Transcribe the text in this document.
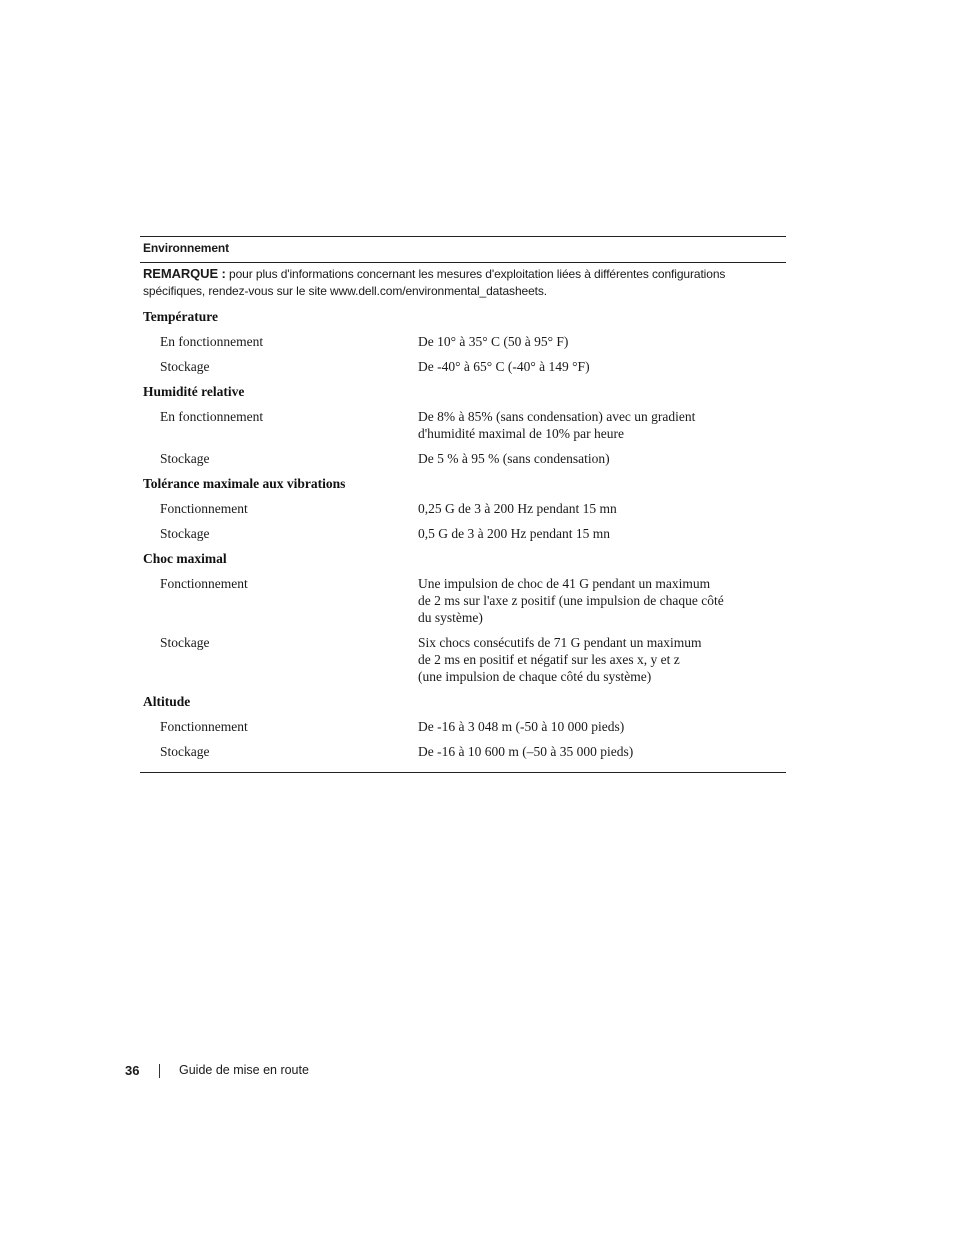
Environnement
REMARQUE : pour plus d'informations concernant les mesures d'exploitation liées à différentes configurations spécifiques, rendez-vous sur le site www.dell.com/environmental_datasheets.
Température
En fonctionnement	De 10° à 35° C (50 à 95° F)
Stockage	De -40° à 65° C (-40° à 149 °F)
Humidité relative
En fonctionnement	De 8% à 85% (sans condensation) avec un gradient
d'humidité maximal de 10% par heure
Stockage	De 5 % à 95 % (sans condensation)
Tolérance maximale aux vibrations
Fonctionnement	0,25 G de 3 à 200 Hz pendant 15 mn
Stockage	0,5 G de 3 à 200 Hz pendant 15 mn
Choc maximal
Fonctionnement	Une impulsion de choc de 41 G pendant un maximum
de 2 ms sur l'axe z positif (une impulsion de chaque côté
du système)
Stockage	Six chocs consécutifs de 71 G pendant un maximum
de 2 ms en positif et négatif sur les axes x, y et z
(une impulsion de chaque côté du système)
Altitude
Fonctionnement	De -16 à 3 048 m (-50 à 10 000 pieds)
Stockage	De -16 à 10 600 m (–50 à 35 000 pieds)
36	Guide de mise en route
